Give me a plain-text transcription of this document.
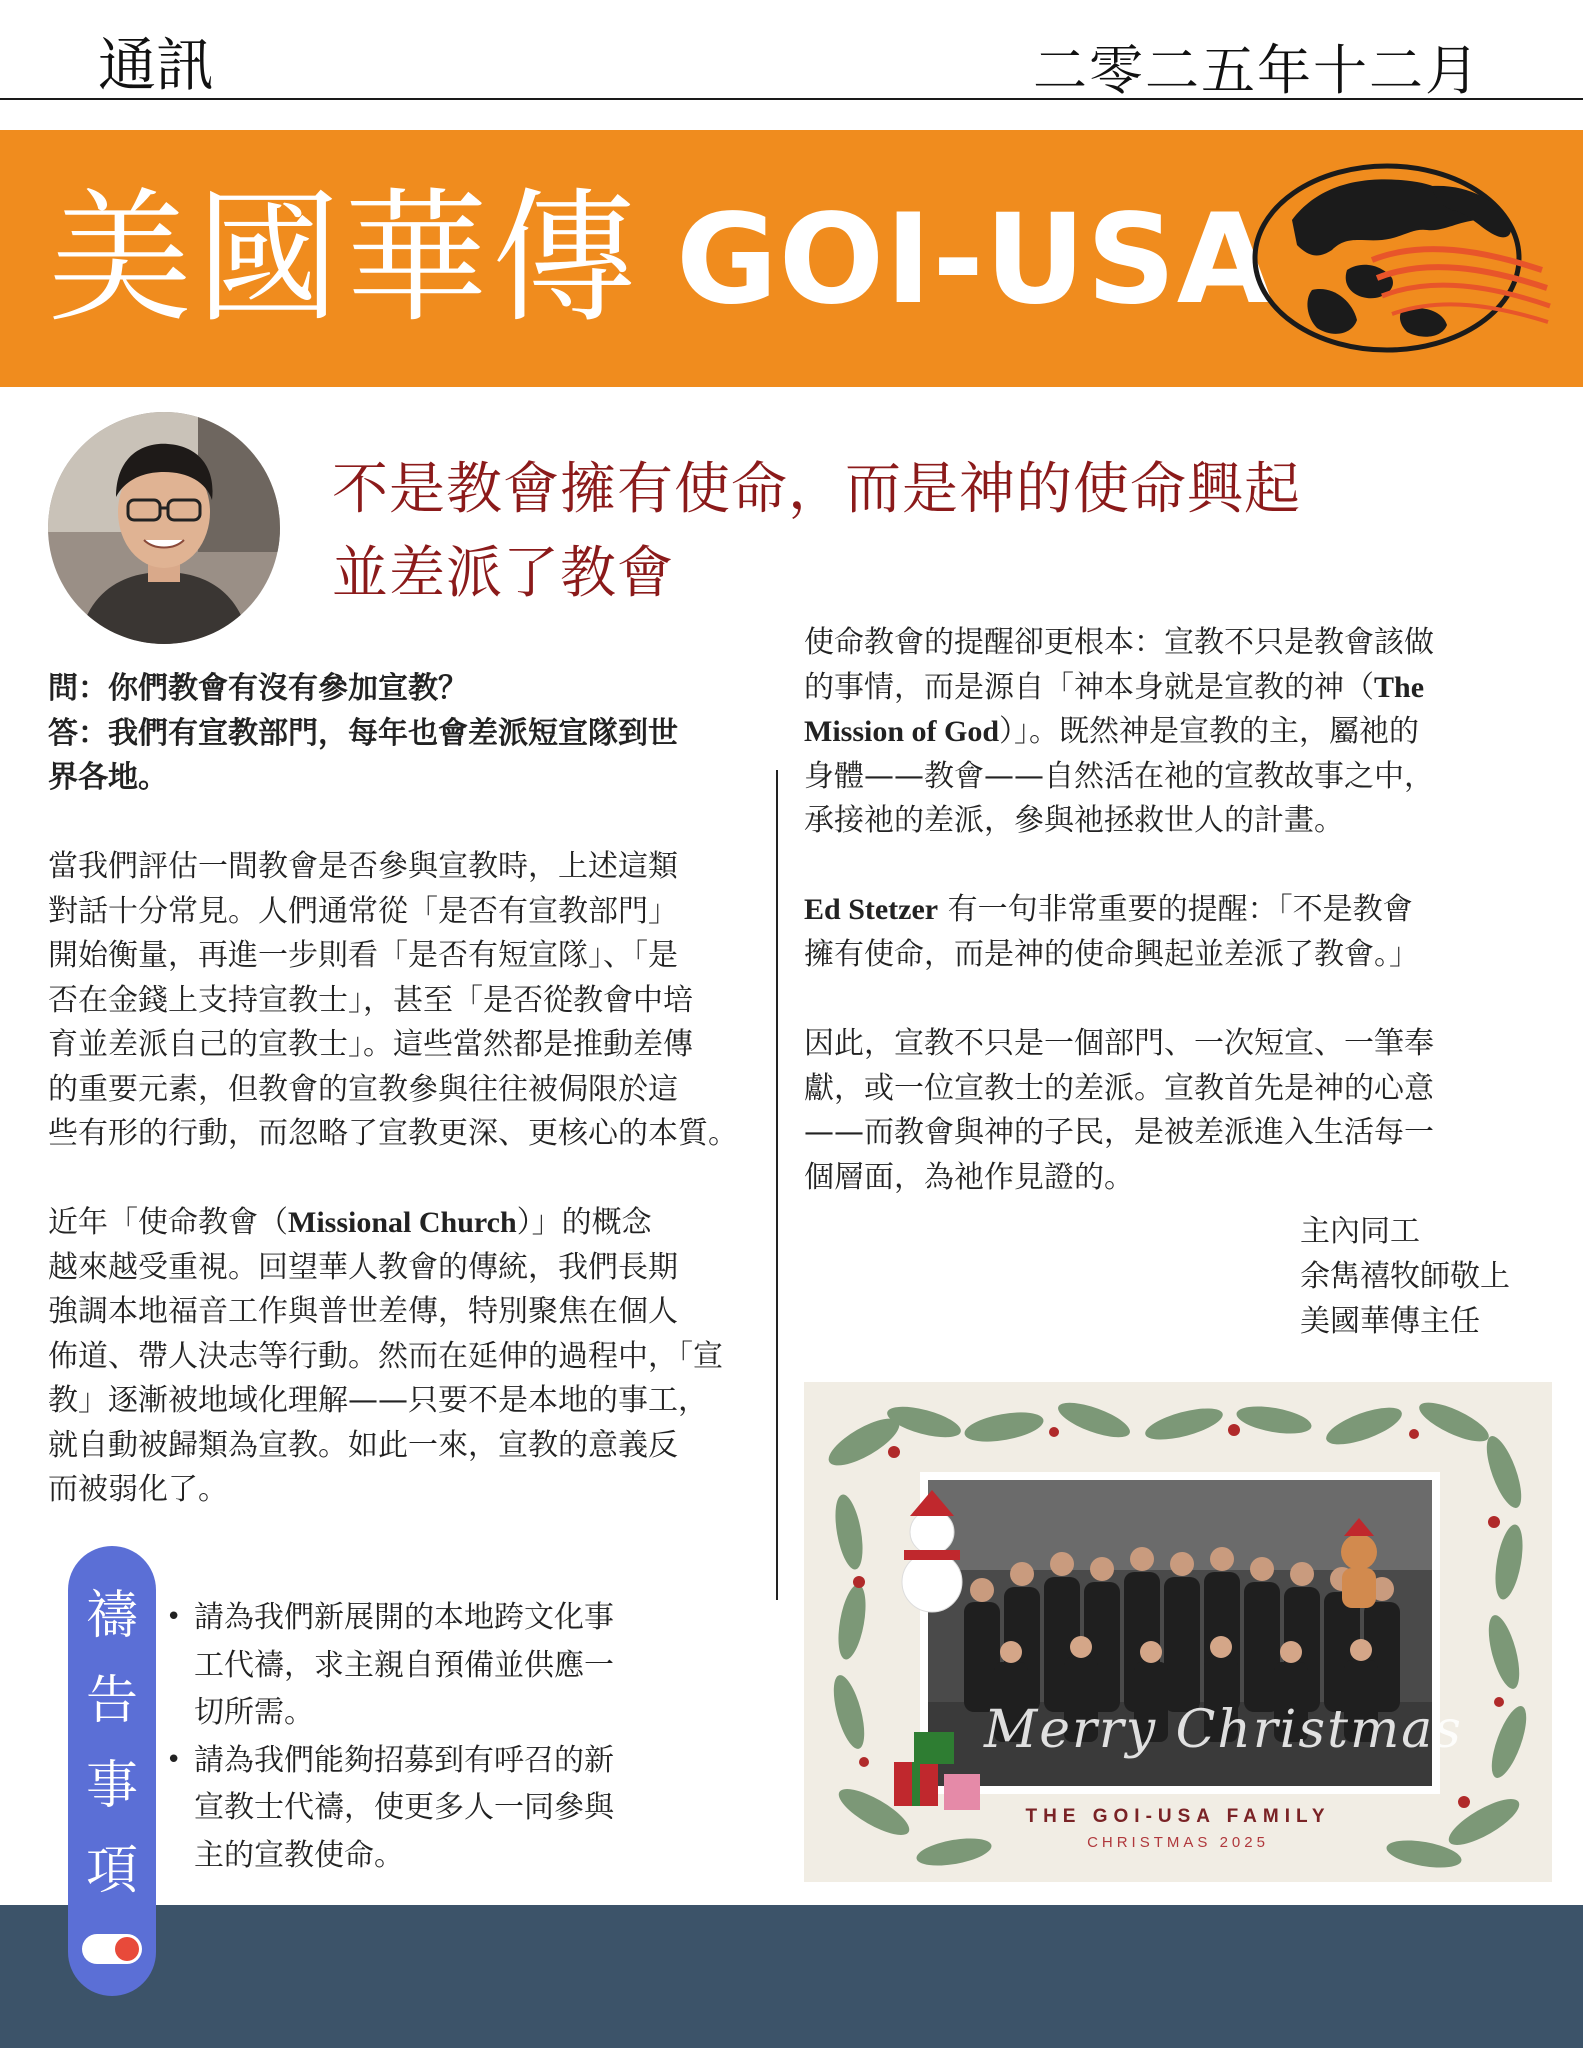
通訊	二零二五年十二月
美國華傳 GOI-USA
不是教會擁有使命，而是神的使命興起
並差派了教會
問：你們教會有沒有參加宣教？
答：我們有宣教部門，每年也會差派短宣隊到世
界各地。
當我們評估一間教會是否參與宣教時，上述這類
對話十分常見。人們通常從「是否有宣教部門」
開始衡量，再進一步則看「是否有短宣隊」、「是
否在金錢上支持宣教士」，甚至「是否從教會中培
育並差派自己的宣教士」。這些當然都是推動差傳
的重要元素，但教會的宣教參與往往被侷限於這
些有形的行動，而忽略了宣教更深、更核心的本質。
近年「使命教會（Missional Church）」的概念
越來越受重視。回望華人教會的傳統，我們長期
強調本地福音工作與普世差傳，特別聚焦在個人
佈道、帶人決志等行動。然而在延伸的過程中，「宣
教」逐漸被地域化理解——只要不是本地的事工，
就自動被歸類為宣教。如此一來，宣教的意義反
而被弱化了。
使命教會的提醒卻更根本：宣教不只是教會該做
的事情，而是源自「神本身就是宣教的神（The
Mission of God）」。既然神是宣教的主，屬祂的
身體——教會——自然活在祂的宣教故事之中，
承接祂的差派，參與祂拯救世人的計畫。
Ed Stetzer 有一句非常重要的提醒：「不是教會
擁有使命，而是神的使命興起並差派了教會。」
因此，宣教不只是一個部門、一次短宣、一筆奉
獻，或一位宣教士的差派。宣教首先是神的心意
——而教會與神的子民，是被差派進入生活每一
個層面，為祂作見證的。
主內同工
余雋禧牧師敬上
美國華傳主任
Merry Christmas
THE GOI-USA FAMILY
CHRISTMAS 2025
禱
告
事
項
• 請為我們新展開的本地跨文化事
工代禱，求主親自預備並供應一
切所需。
• 請為我們能夠招募到有呼召的新
宣教士代禱，使更多人一同參與
主的宣教使命。
